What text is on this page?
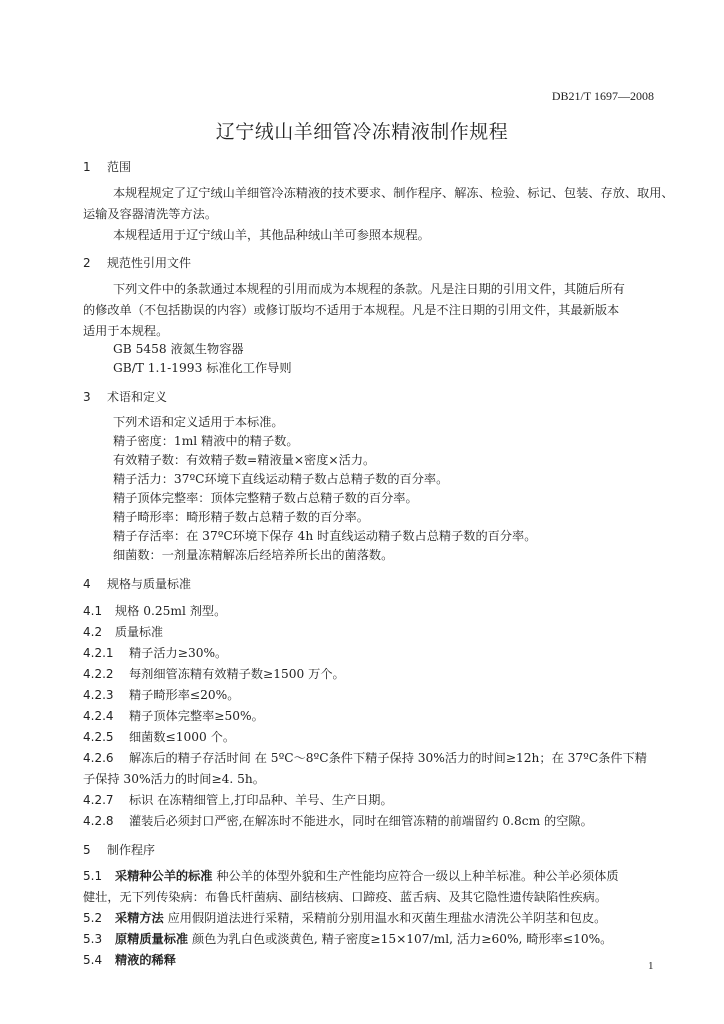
DB21/T 1697—2008
辽宁绒山羊细管冷冻精液制作规程
1 范围
本规程规定了辽宁绒山羊细管冷冻精液的技术要求、制作程序、解冻、检验、标记、包装、存放、取用、
运输及容器清洗等方法。
本规程适用于辽宁绒山羊，其他品种绒山羊可参照本规程。
2 规范性引用文件
下列文件中的条款通过本规程的引用而成为本规程的条款。凡是注日期的引用文件，其随后所有
的修改单（不包括勘误的内容）或修订版均不适用于本规程。凡是不注日期的引用文件，其最新版本
适用于本规程。
GB 5458 液氮生物容器
GB/T 1.1-1993 标准化工作导则
3 术语和定义
下列术语和定义适用于本标准。
精子密度：1ml 精液中的精子数。
有效精子数：有效精子数=精液量×密度×活力。
精子活力：37ºC环境下直线运动精子数占总精子数的百分率。
精子顶体完整率：顶体完整精子数占总精子数的百分率。
精子畸形率：畸形精子数占总精子数的百分率。
精子存活率：在 37ºC环境下保存 4h 时直线运动精子数占总精子数的百分率。
细菌数：一剂量冻精解冻后经培养所长出的菌落数。
4 规格与质量标准
4.1 规格 0.25ml 剂型。
4.2 质量标准
4.2.1 精子活力≥30%。
4.2.2 每剂细管冻精有效精子数≥1500 万个。
4.2.3 精子畸形率≤20%。
4.2.4 精子顶体完整率≥50%。
4.2.5 细菌数≤1000 个。
4.2.6 解冻后的精子存活时间 在 5ºC～8ºC条件下精子保持 30%活力的时间≥12h；在 37ºC条件下精
子保持 30%活力的时间≥4. 5h。
4.2.7 标识 在冻精细管上,打印品种、羊号、生产日期。
4.2.8 灌装后必须封口严密,在解冻时不能进水，同时在细管冻精的前端留约 0.8cm 的空隙。
5 制作程序
5.1 采精种公羊的标准 种公羊的体型外貌和生产性能均应符合一级以上种羊标准。种公羊必须体质
健壮，无下列传染病：布鲁氏杆菌病、副结核病、口蹄疫、蓝舌病、及其它隐性遗传缺陷性疾病。
5.2 采精方法 应用假阴道法进行采精，采精前分别用温水和灭菌生理盐水清洗公羊阴茎和包皮。
5.3 原精质量标准 颜色为乳白色或淡黄色, 精子密度≥15×107/ml, 活力≥60%, 畸形率≤10%。
5.4 精液的稀释	1
